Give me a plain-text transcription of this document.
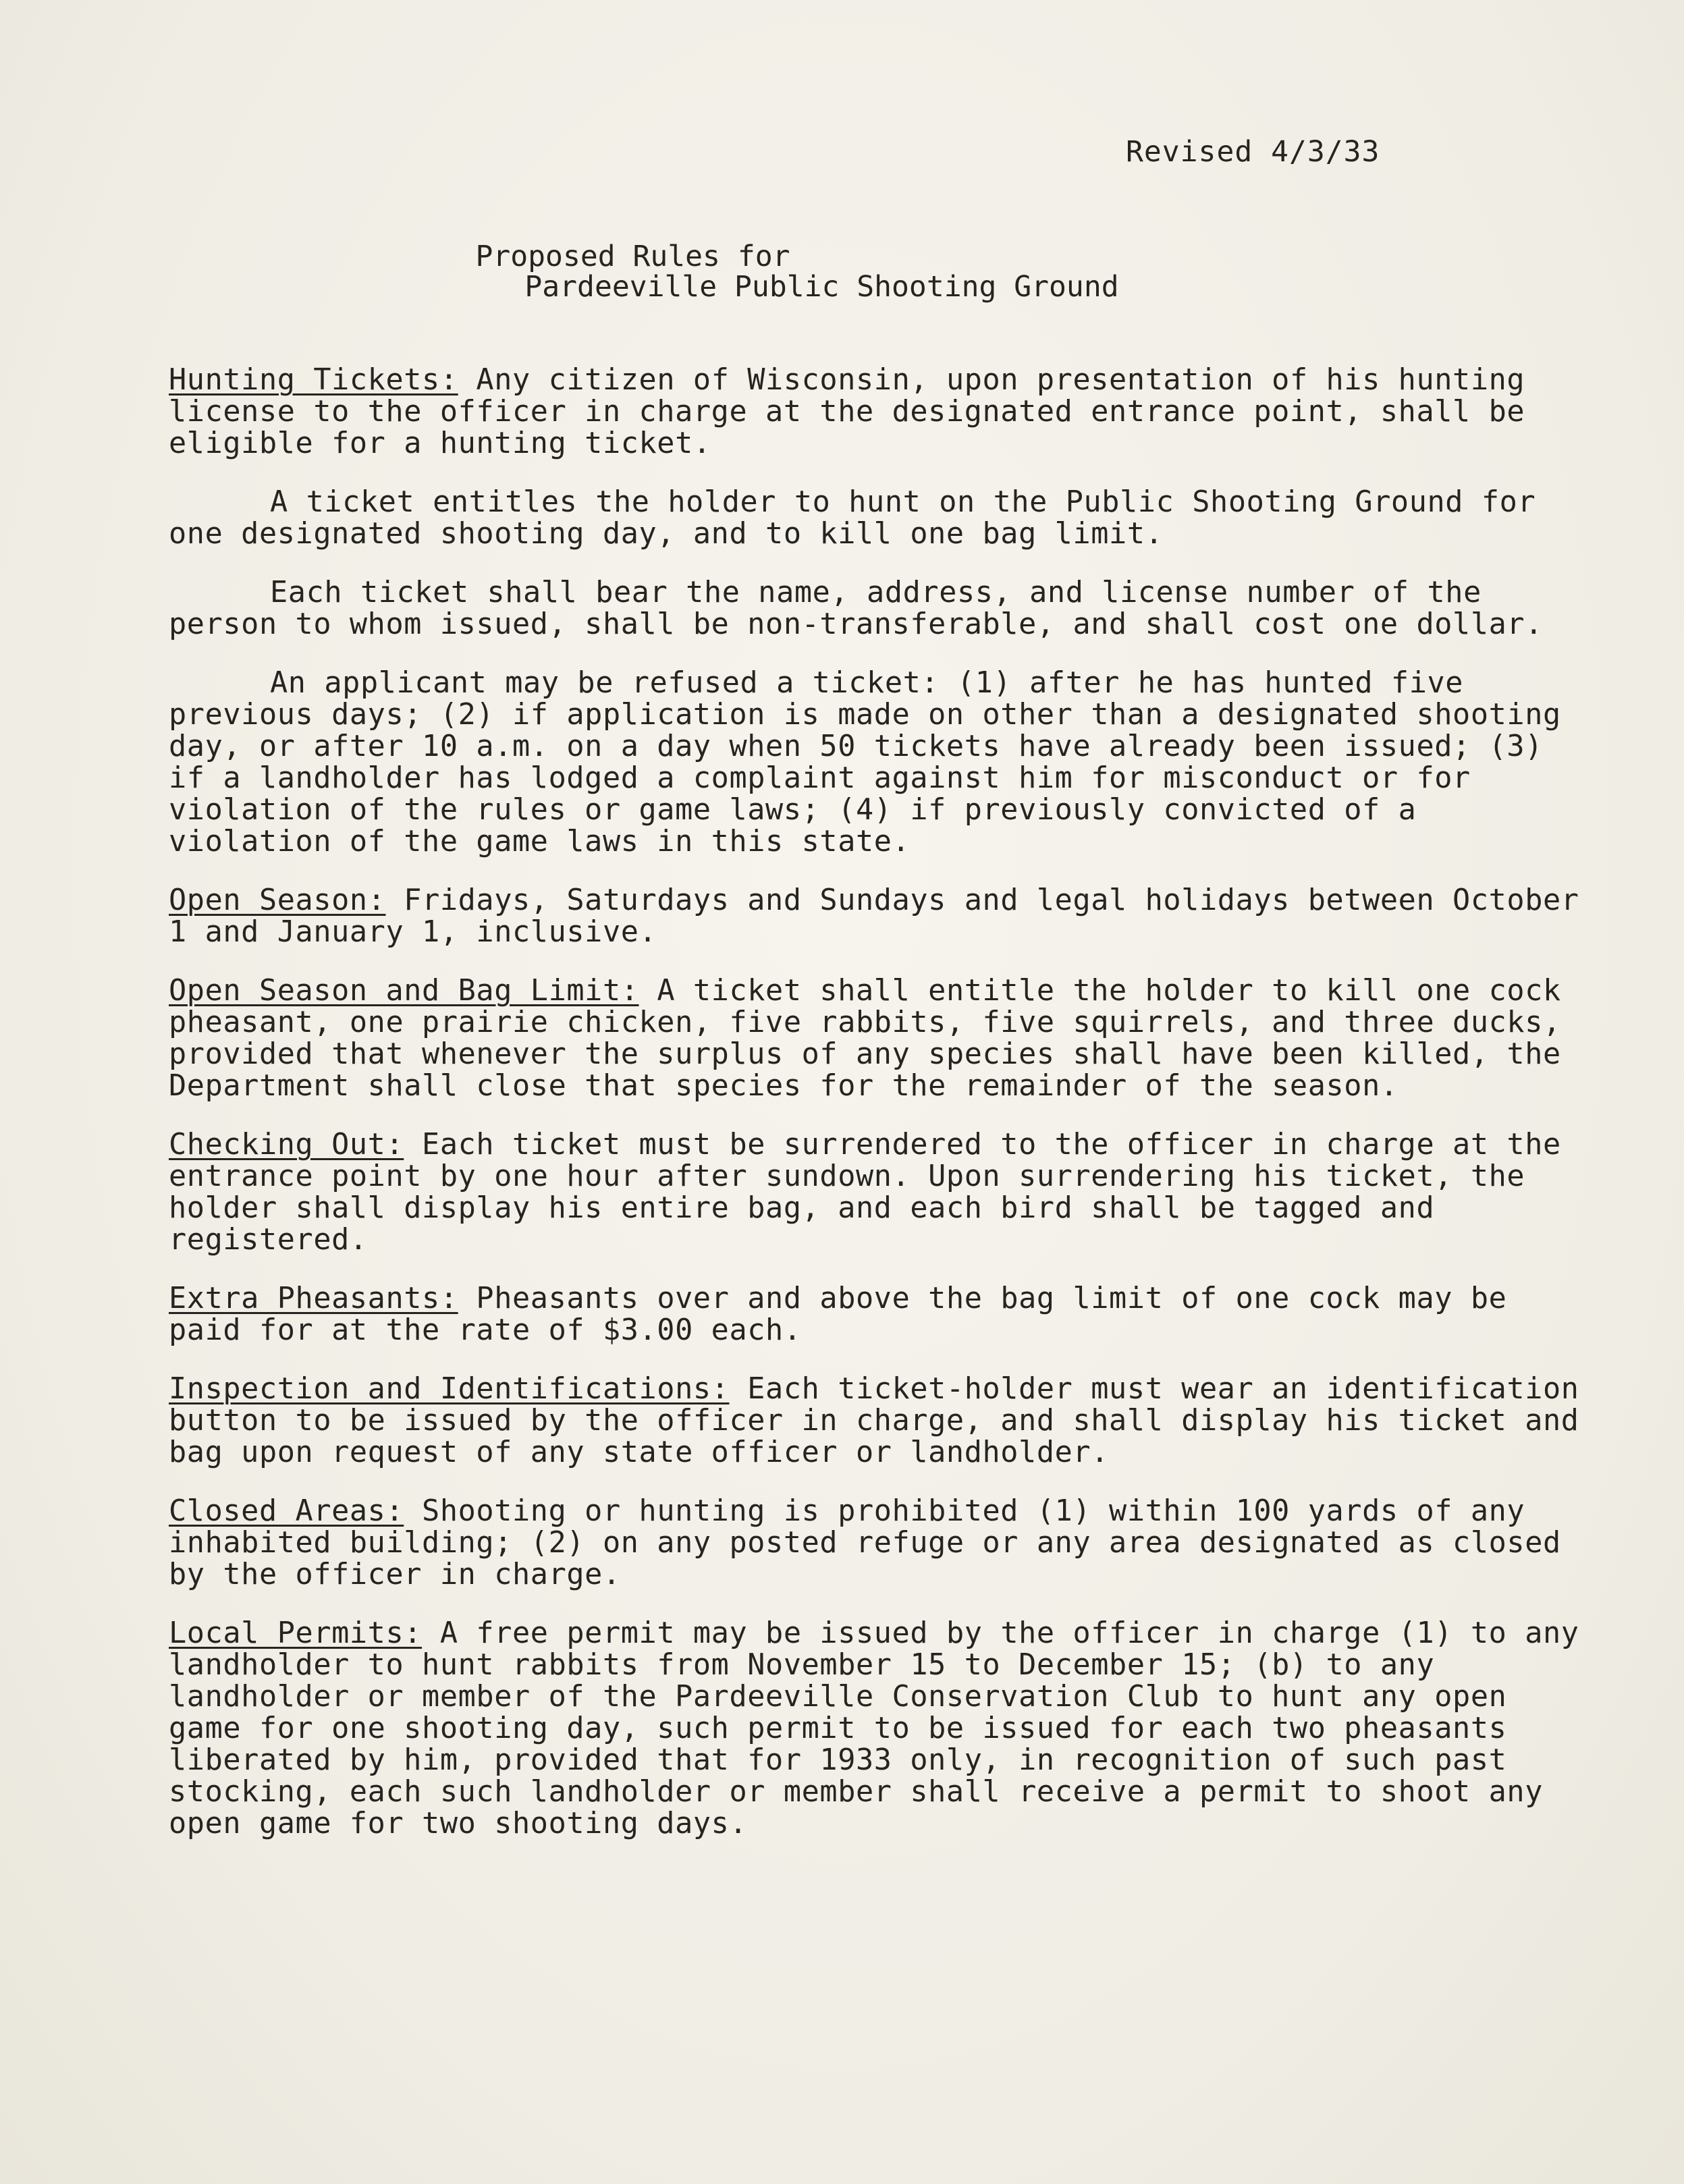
Revised 4/3/33
Proposed Rules for
Pardeeville Public Shooting Ground

Hunting Tickets: Any citizen of Wisconsin, upon presentation of his hunting license to the officer in charge at the designated entrance point, shall be eligible for a hunting ticket.

A ticket entitles the holder to hunt on the Public Shooting Ground for one designated shooting day, and to kill one bag limit.

Each ticket shall bear the name, address, and license number of the person to whom issued, shall be non-transferable, and shall cost one dollar.

An applicant may be refused a ticket: (1) after he has hunted five previous days; (2) if application is made on other than a designated shooting day, or after 10 a.m. on a day when 50 tickets have already been issued; (3) if a landholder has lodged a complaint against him for misconduct or for violation of the rules or game laws; (4) if previously convicted of a violation of the game laws in this state.

Open Season: Fridays, Saturdays and Sundays and legal holidays between October 1 and January 1, inclusive.

Open Season and Bag Limit: A ticket shall entitle the holder to kill one cock pheasant, one prairie chicken, five rabbits, five squirrels, and three ducks, provided that whenever the surplus of any species shall have been killed, the Department shall close that species for the remainder of the season.

Checking Out: Each ticket must be surrendered to the officer in charge at the entrance point by one hour after sundown. Upon surrendering his ticket, the holder shall display his entire bag, and each bird shall be tagged and registered.

Extra Pheasants: Pheasants over and above the bag limit of one cock may be paid for at the rate of $3.00 each.

Inspection and Identifications: Each ticket-holder must wear an identification button to be issued by the officer in charge, and shall display his ticket and bag upon request of any state officer or landholder.

Closed Areas: Shooting or hunting is prohibited (1) within 100 yards of any inhabited building; (2) on any posted refuge or any area designated as closed by the officer in charge.

Local Permits: A free permit may be issued by the officer in charge (1) to any landholder to hunt rabbits from November 15 to December 15; (b) to any landholder or member of the Pardeeville Conservation Club to hunt any open game for one shooting day, such permit to be issued for each two pheasants liberated by him, provided that for 1933 only, in recognition of such past stocking, each such landholder or member shall receive a permit to shoot any open game for two shooting days.
